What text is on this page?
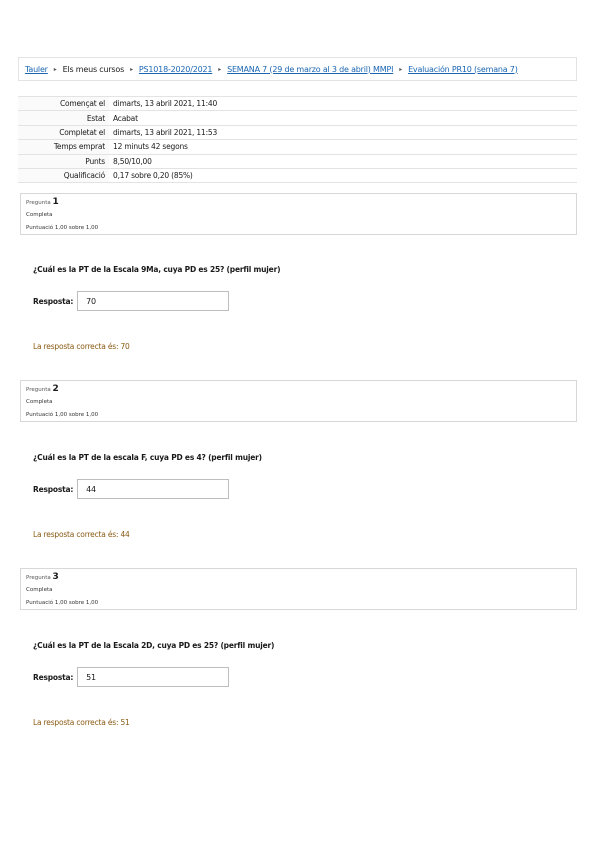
Tauler ▸ Els meus cursos ▸ PS1018-2020/2021 ▸ SEMANA 7 (29 de marzo al 3 de abril) MMPI ▸ Evaluación PR10 (semana 7)
Començat el	dimarts, 13 abril 2021, 11:40
Estat	Acabat
Completat el	dimarts, 13 abril 2021, 11:53
Temps emprat	12 minuts 42 segons
Punts	8,50/10,00
Qualificació	0,17 sobre 0,20 (85%)
Pregunta 1
Completa
Puntuació 1,00 sobre 1,00
¿Cuál es la PT de la Escala 9Ma, cuya PD es 25? (perfil mujer)
Resposta:	70
La resposta correcta és: 70
Pregunta 2
Completa
Puntuació 1,00 sobre 1,00
¿Cuál es la PT de la escala F, cuya PD es 4? (perfil mujer)
Resposta:	44
La resposta correcta és: 44
Pregunta 3
Completa
Puntuació 1,00 sobre 1,00
¿Cuál es la PT de la Escala 2D, cuya PD es 25? (perfil mujer)
Resposta:	51
La resposta correcta és: 51
